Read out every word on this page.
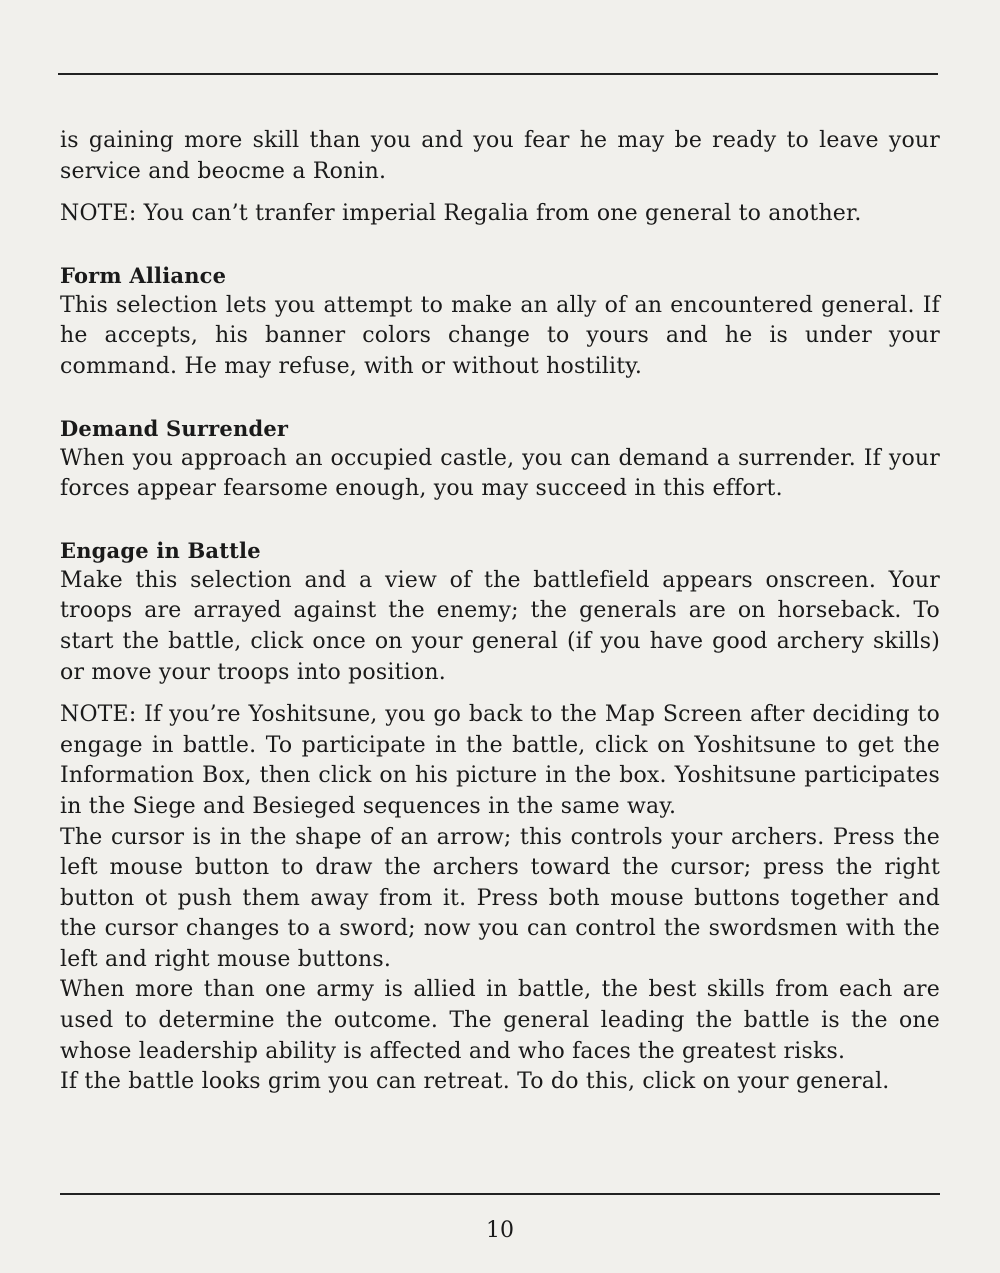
is gaining more skill than you and you fear he may be ready to leave your service and beocme a Ronin.

NOTE: You can’t tranfer imperial Regalia from one general to another.

Form Alliance

This selection lets you attempt to make an ally of an encountered general. If he accepts, his banner colors change to yours and he is under your command. He may refuse, with or without hostility.

Demand Surrender

When you approach an occupied castle, you can demand a surrender. If your forces appear fearsome enough, you may succeed in this effort.

Engage in Battle

Make this selection and a view of the battlefield appears onscreen. Your troops are arrayed against the enemy; the generals are on horseback. To start the battle, click once on your general (if you have good archery skills) or move your troops into position.

NOTE: If you’re Yoshitsune, you go back to the Map Screen after deciding to engage in battle. To participate in the battle, click on Yoshitsune to get the Information Box, then click on his picture in the box. Yoshitsune participates in the Siege and Besieged sequences in the same way.

The cursor is in the shape of an arrow; this controls your archers. Press the left mouse button to draw the archers toward the cursor; press the right button ot push them away from it. Press both mouse buttons together and the cursor changes to a sword; now you can control the swordsmen with the left and right mouse buttons.

When more than one army is allied in battle, the best skills from each are used to determine the outcome. The general leading the battle is the one whose leadership ability is affected and who faces the greatest risks.

If the battle looks grim you can retreat. To do this, click on your general.

10
